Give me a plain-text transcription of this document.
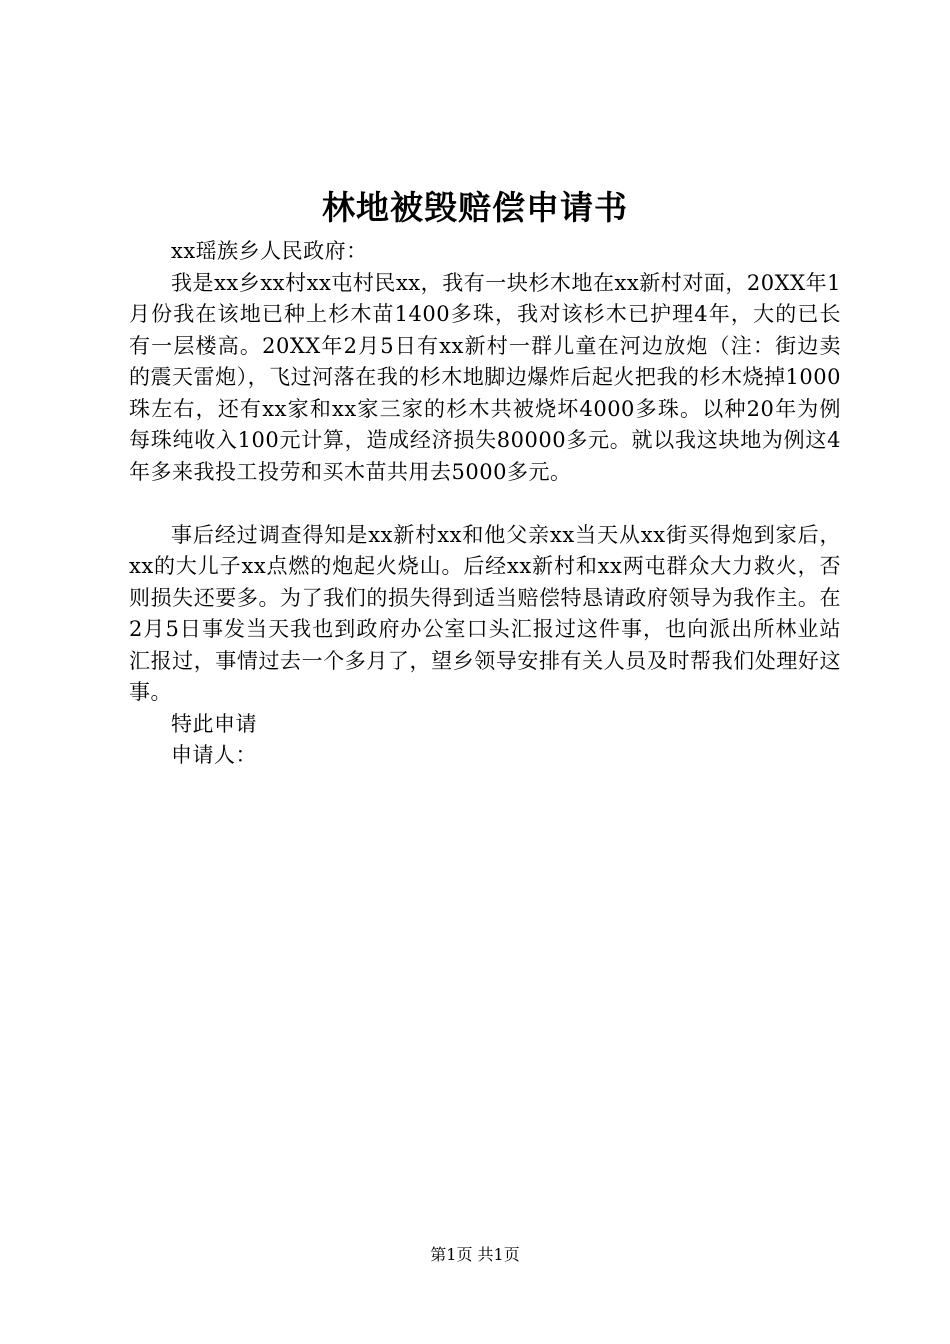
林地被毁赔偿申请书

xx瑶族乡人民政府：

我是xx乡xx村xx屯村民xx，我有一块杉木地在xx新村对面，20XX年1月份我在该地已种上杉木苗1400多珠，我对该杉木已护理4年，大的已长有一层楼高。20XX年2月5日有xx新村一群儿童在河边放炮（注：街边卖的震天雷炮），飞过河落在我的杉木地脚边爆炸后起火把我的杉木烧掉1000珠左右，还有xx家和xx家三家的杉木共被烧坏4000多珠。以种20年为例每珠纯收入100元计算，造成经济损失80000多元。就以我这块地为例这4年多来我投工投劳和买木苗共用去5000多元。

事后经过调查得知是xx新村xx和他父亲xx当天从xx街买得炮到家后，xx的大儿子xx点燃的炮起火烧山。后经xx新村和xx两屯群众大力救火，否则损失还要多。为了我们的损失得到适当赔偿特恳请政府领导为我作主。在2月5日事发当天我也到政府办公室口头汇报过这件事，也向派出所林业站汇报过，事情过去一个多月了，望乡领导安排有关人员及时帮我们处理好这事。

特此申请

申请人：

第1页 共1页
